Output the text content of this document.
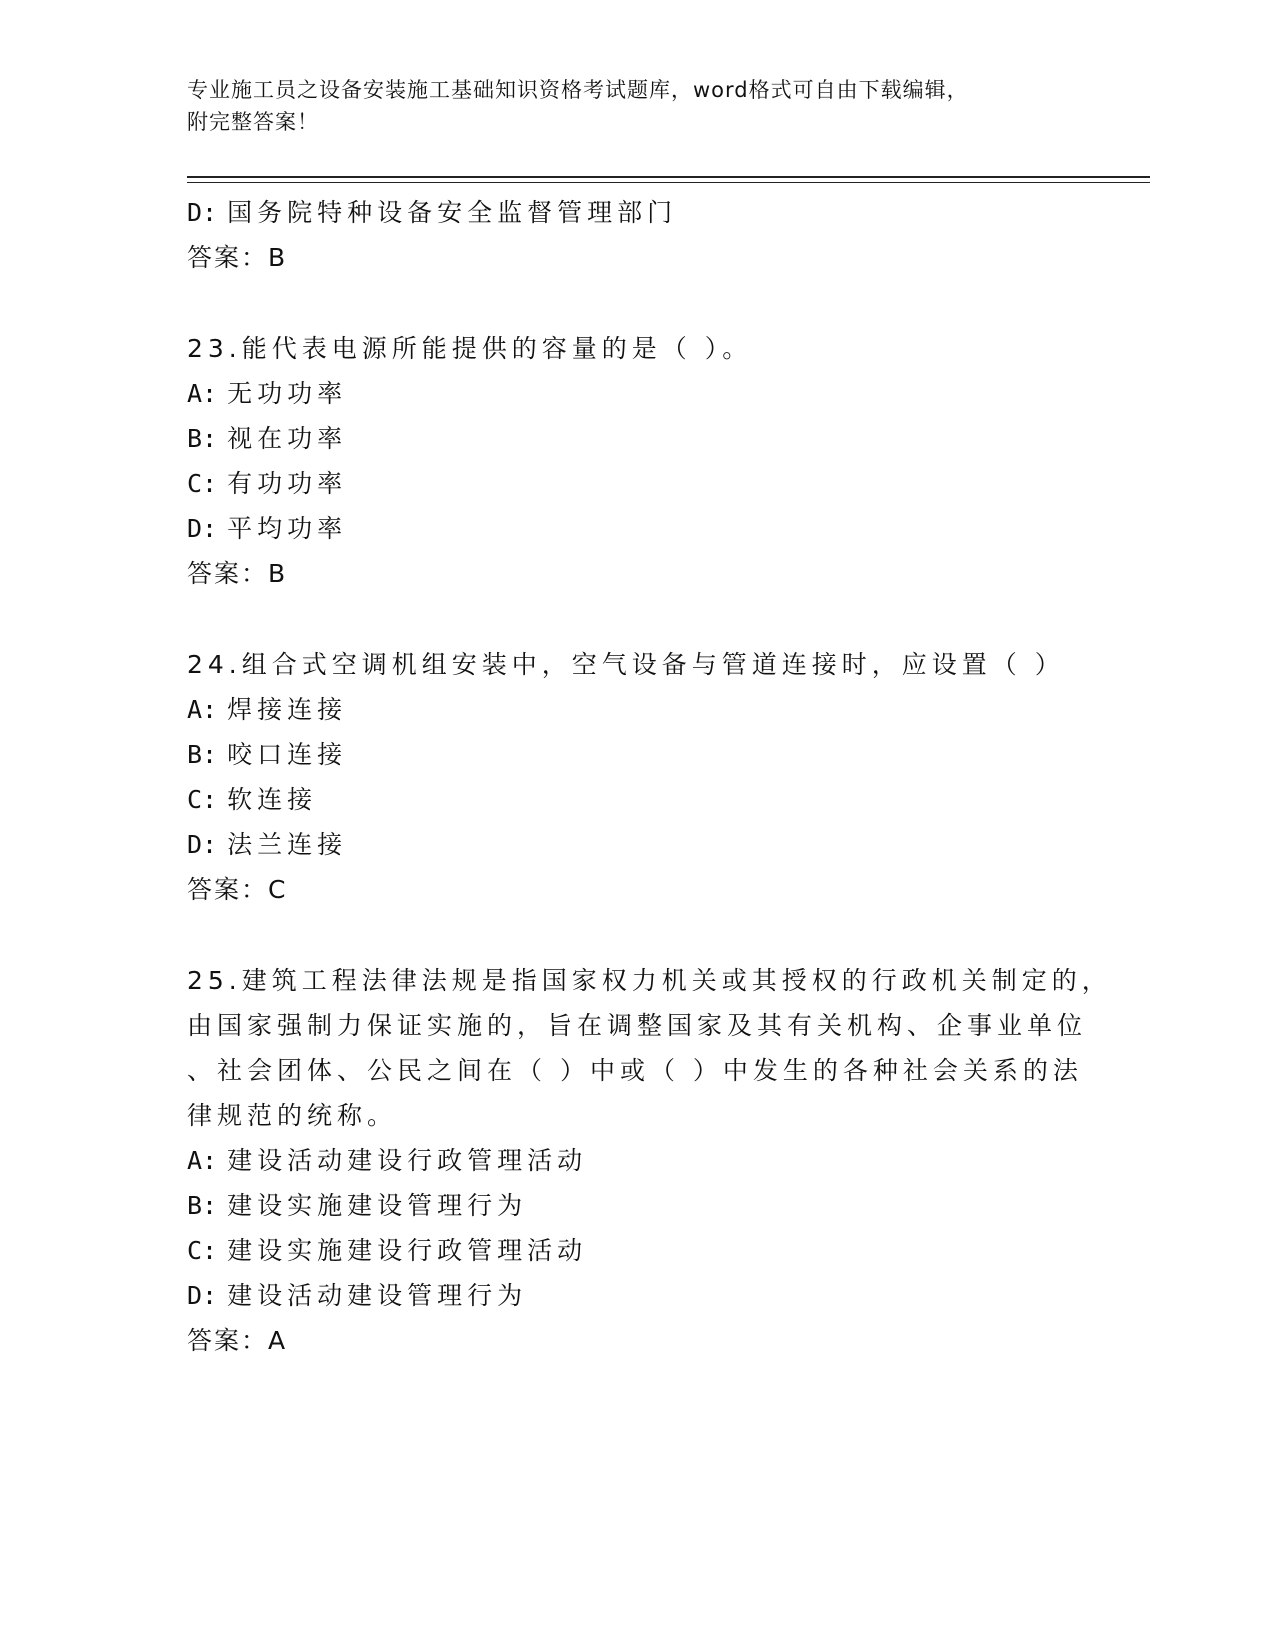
专业施工员之设备安装施工基础知识资格考试题库，word格式可自由下载编辑，
附完整答案！
D: 国务院特种设备安全监督管理部门
答案：B
23.能代表电源所能提供的容量的是（ ）。
A: 无功功率
B: 视在功率
C: 有功功率
D: 平均功率
答案：B
24.组合式空调机组安装中，空气设备与管道连接时，应设置（ ）
A: 焊接连接
B: 咬口连接
C: 软连接
D: 法兰连接
答案：C
25.建筑工程法律法规是指国家权力机关或其授权的行政机关制定的，
由国家强制力保证实施的，旨在调整国家及其有关机构、企事业单位
、社会团体、公民之间在（ ）中或（ ）中发生的各种社会关系的法
律规范的统称。
A: 建设活动建设行政管理活动
B: 建设实施建设管理行为
C: 建设实施建设行政管理活动
D: 建设活动建设管理行为
答案：A
